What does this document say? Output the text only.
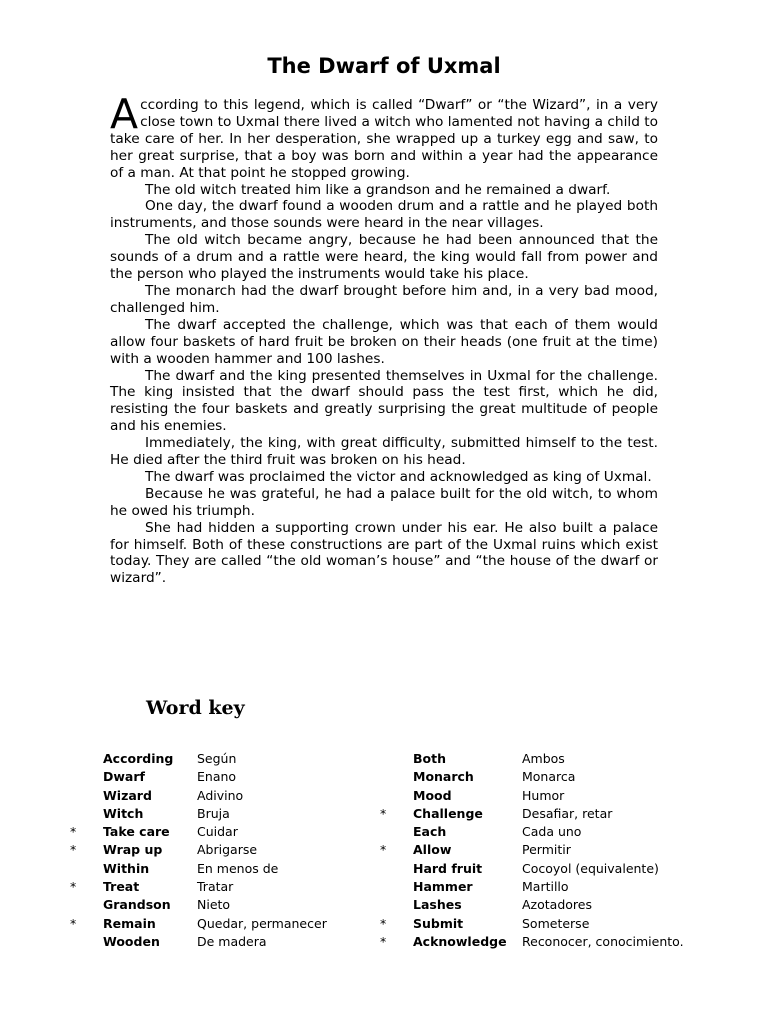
The Dwarf of Uxmal

According to this legend, which is called “Dwarf” or “the Wizard”, in a very close town to Uxmal there lived a witch who lamented not having a child to take care of her. In her desperation, she wrapped up a turkey egg and saw, to her great surprise, that a boy was born and within a year had the appearance of a man. At that point he stopped growing.

The old witch treated him like a grandson and he remained a dwarf.

One day, the dwarf found a wooden drum and a rattle and he played both instruments, and those sounds were heard in the near villages.

The old witch became angry, because he had been announced that the sounds of a drum and a rattle were heard, the king would fall from power and the person who played the instruments would take his place.

The monarch had the dwarf brought before him and, in a very bad mood, challenged him.

The dwarf accepted the challenge, which was that each of them would allow four baskets of hard fruit be broken on their heads (one fruit at the time) with a wooden hammer and 100 lashes.

The dwarf and the king presented themselves in Uxmal for the challenge. The king insisted that the dwarf should pass the test first, which he did, resisting the four baskets and greatly surprising the great multitude of people and his enemies.

Immediately, the king, with great difficulty, submitted himself to the test. He died after the third fruit was broken on his head.

The dwarf was proclaimed the victor and acknowledged as king of Uxmal.

Because he was grateful, he had a palace built for the old witch, to whom he owed his triumph.

She had hidden a supporting crown under his ear. He also built a palace for himself. Both of these constructions are part of the Uxmal ruins which exist today. They are called “the old woman’s house” and “the house of the dwarf or wizard”.

Word key
	According	Según
	Dwarf	Enano
	Wizard	Adivino
	Witch	Bruja
*	Take care	Cuidar
*	Wrap up	Abrigarse
	Within	En menos de
*	Treat	Tratar
	Grandson	Nieto
*	Remain	Quedar, permanecer
	Wooden	De madera
	Both	Ambos
	Monarch	Monarca
	Mood	Humor
*	Challenge	Desafiar, retar
	Each	Cada uno
*	Allow	Permitir
	Hard fruit	Cocoyol (equivalente)
	Hammer	Martillo
	Lashes	Azotadores
*	Submit	Someterse
*	Acknowledge	Reconocer, conocimiento.
